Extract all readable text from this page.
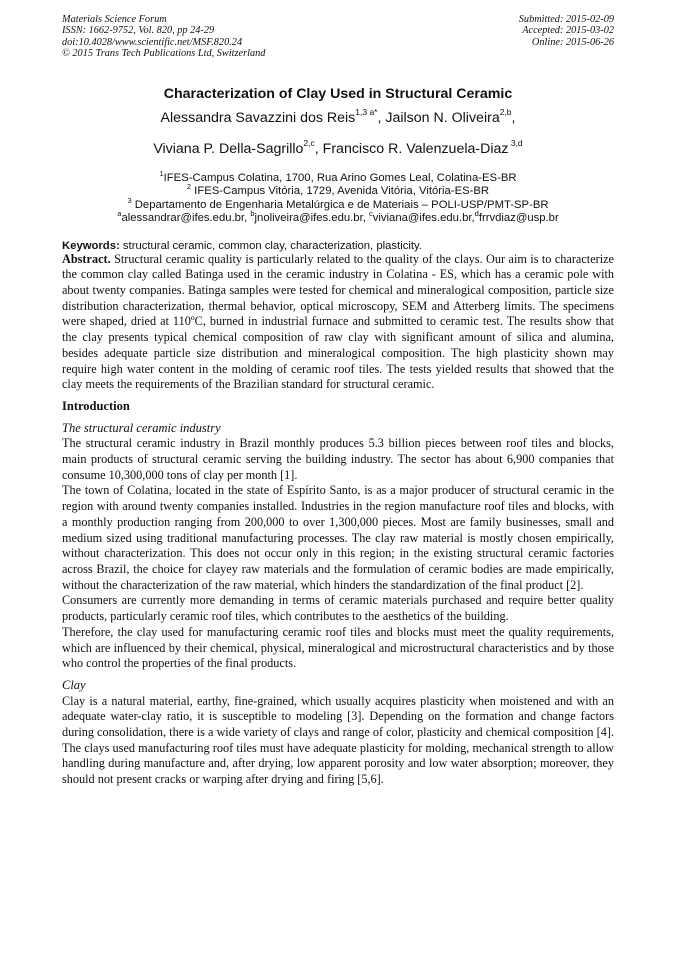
Materials Science Forum
ISSN: 1662-9752, Vol. 820, pp 24-29
doi:10.4028/www.scientific.net/MSF.820.24
© 2015 Trans Tech Publications Ltd, Switzerland
Submitted: 2015-02-09
Accepted: 2015-03-02
Online: 2015-06-26
Characterization of Clay Used in Structural Ceramic
Alessandra Savazzini dos Reis$^{1,3 a*}$, Jailson N. Oliveira$^{2,b}$,
Viviana P. Della-Sagrillo$^{2,c}$, Francisco R. Valenzuela-Diaz $^{3,d}$
$^1$IFES-Campus Colatina, 1700, Rua Arino Gomes Leal, Colatina-ES-BR
$^2$ IFES-Campus Vitória, 1729, Avenida Vitória, Vitória-ES-BR
$^3$ Departamento de Engenharia Metalúrgica e de Materiais – POLI-USP/PMT-SP-BR
$^a$alessandrar@ifes.edu.br, $^b$jnoliveira@ifes.edu.br, $^c$viviana@ifes.edu.br,$^d$frrvdiaz@usp.br
Keywords: structural ceramic, common clay, characterization, plasticity.

Abstract. Structural ceramic quality is particularly related to the quality of the clays. Our aim is to characterize the common clay called Batinga used in the ceramic industry in Colatina - ES, which has a ceramic pole with about twenty companies. Batinga samples were tested for chemical and mineralogical composition, particle size distribution characterization, thermal behavior, optical microscopy, SEM and Atterberg limits. The specimens were shaped, dried at 110ºC, burned in industrial furnace and submitted to ceramic test. The results show that the clay presents typical chemical composition of raw clay with significant amount of silica and alumina, besides adequate particle size distribution and mineralogical composition. The high plasticity shown may require high water content in the molding of ceramic roof tiles. The tests yielded results that showed that the clay meets the requirements of the Brazilian standard for structural ceramic.

Introduction
The structural ceramic industry

The structural ceramic industry in Brazil monthly produces 5.3 billion pieces between roof tiles and blocks, main products of structural ceramic serving the building industry. The sector has about 6,900 companies that consume 10,300,000 tons of clay per month [1].

The town of Colatina, located in the state of Espírito Santo, is as a major producer of structural ceramic in the region with around twenty companies installed. Industries in the region manufacture roof tiles and blocks, with a monthly production ranging from 200,000 to over 1,300,000 pieces. Most are family businesses, small and medium sized using traditional manufacturing processes. The clay raw material is mostly chosen empirically, without characterization. This does not occur only in this region; in the existing structural ceramic factories across Brazil, the choice for clayey raw materials and the formulation of ceramic bodies are made empirically, without the characterization of the raw material, which hinders the standardization of the final product [2].

Consumers are currently more demanding in terms of ceramic materials purchased and require better quality products, particularly ceramic roof tiles, which contributes to the aesthetics of the building.

Therefore, the clay used for manufacturing ceramic roof tiles and blocks must meet the quality requirements, which are influenced by their chemical, physical, mineralogical and microstructural characteristics and by those who control the properties of the final products.

Clay

Clay is a natural material, earthy, fine-grained, which usually acquires plasticity when moistened and with an adequate water-clay ratio, it is susceptible to modeling [3]. Depending on the formation and change factors during consolidation, there is a wide variety of clays and range of color, plasticity and chemical composition [4].

The clays used manufacturing roof tiles must have adequate plasticity for molding, mechanical strength to allow handling during manufacture and, after drying, low apparent porosity and low water absorption; moreover, they should not present cracks or warping after drying and firing [5,6].
